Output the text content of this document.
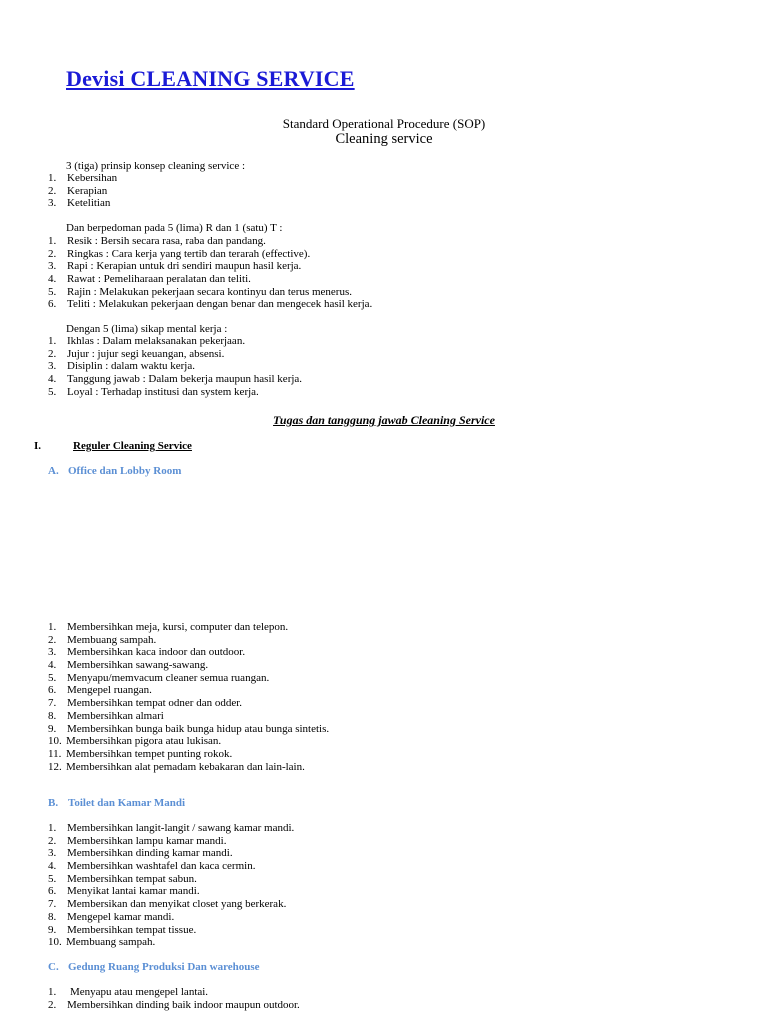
Devisi CLEANING SERVICE
Standard Operational Procedure (SOP)
Cleaning service
3 (tiga) prinsip konsep cleaning service :
1. Kebersihan
2. Kerapian
3. Ketelitian
Dan berpedoman pada 5 (lima) R dan 1 (satu) T :
1. Resik : Bersih secara rasa, raba dan pandang.
2. Ringkas : Cara kerja yang tertib dan terarah (effective).
3. Rapi : Kerapian untuk dri sendiri maupun hasil kerja.
4. Rawat : Pemeliharaan peralatan dan teliti.
5. Rajin : Melakukan pekerjaan secara kontinyu dan terus menerus.
6. Teliti : Melakukan pekerjaan dengan benar dan mengecek hasil kerja.
Dengan 5 (lima) sikap mental kerja :
1. Ikhlas : Dalam melaksanakan pekerjaan.
2. Jujur : jujur segi keuangan, absensi.
3. Disiplin : dalam waktu kerja.
4. Tanggung jawab : Dalam bekerja maupun hasil kerja.
5. Loyal : Terhadap institusi dan system kerja.
Tugas dan tanggung jawab Cleaning Service
I.	Reguler Cleaning Service
A. Office dan Lobby Room
1. Membersihkan meja, kursi, computer dan telepon.
2. Membuang sampah.
3. Membersihkan kaca indoor dan outdoor.
4. Membersihkan sawang-sawang.
5. Menyapu/memvacum cleaner semua ruangan.
6. Mengepel ruangan.
7. Membersihkan tempat odner dan odder.
8. Membersihkan almari
9. Membersihkan bunga baik bunga hidup atau bunga sintetis.
10. Membersihkan pigora atau lukisan.
11. Membersihkan tempet punting rokok.
12. Membersihkan alat pemadam kebakaran dan lain-lain.
B. Toilet dan Kamar Mandi
1. Membersihkan langit-langit / sawang kamar mandi.
2. Membersihkan lampu kamar mandi.
3. Membersihkan dinding kamar mandi.
4. Membersihkan washtafel dan kaca cermin.
5. Membersihkan tempat sabun.
6. Menyikat lantai kamar mandi.
7. Membersikan dan menyikat closet yang berkerak.
8. Mengepel kamar mandi.
9. Membersihkan tempat tissue.
10. Membuang sampah.
C. Gedung Ruang Produksi Dan warehouse
1. Menyapu atau mengepel lantai.
2. Membersihkan dinding baik indoor maupun outdoor.
